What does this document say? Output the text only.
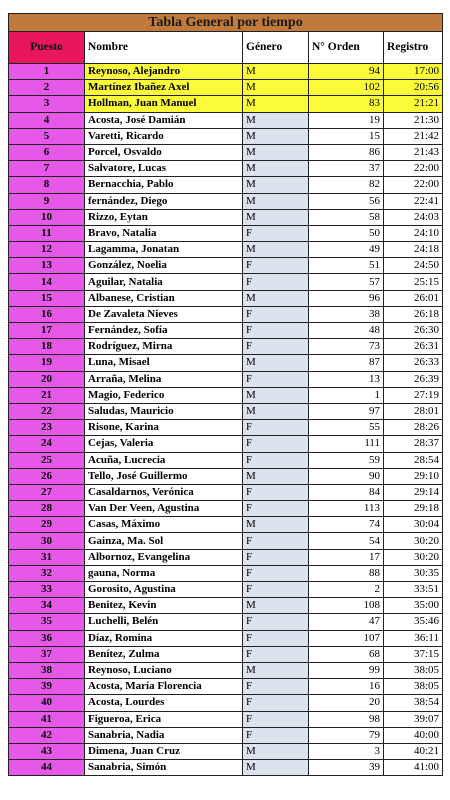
Tabla General por tiempo				
Puesto	Nombre	Género	N° Orden	Registro
1	Reynoso, Alejandro	M	94	17:00
2	Martínez Ibañez Axel	M	102	20:56
3	Hollman, Juan Manuel	M	83	21:21
4	Acosta, José Damián	M	19	21:30
5	Varetti, Ricardo	M	15	21:42
6	Porcel, Osvaldo	M	86	21:43
7	Salvatore, Lucas	M	37	22:00
8	Bernacchia, Pablo	M	82	22:00
9	fernández, Diego	M	56	22:41
10	Rizzo, Eytan	M	58	24:03
11	Bravo, Natalia	F	50	24:10
12	Lagamma, Jonatan	M	49	24:18
13	González, Noelia	F	51	24:50
14	Aguilar, Natalia	F	57	25:15
15	Albanese, Cristian	M	96	26:01
16	De Zavaleta Nieves	F	38	26:18
17	Fernández, Sofía	F	48	26:30
18	Rodríguez, Mirna	F	73	26:31
19	Luna, Misael	M	87	26:33
20	Arraña, Melina	F	13	26:39
21	Magio, Federico	M	1	27:19
22	Saludas, Mauricio	M	97	28:01
23	Risone, Karina	F	55	28:26
24	Cejas, Valeria	F	111	28:37
25	Acuña, Lucrecia	F	59	28:54
26	Tello, José Guillermo	M	90	29:10
27	Casaldarnos, Verónica	F	84	29:14
28	Van Der Veen, Agustina	F	113	29:18
29	Casas, Máximo	M	74	30:04
30	Gainza, Ma. Sol	F	54	30:20
31	Albornoz, Evangelina	F	17	30:20
32	gauna, Norma	F	88	30:35
33	Gorosito, Agustina	F	2	33:51
34	Benitez, Kevin	M	108	35:00
35	Luchelli, Belén	F	47	35:46
36	Díaz, Romina	F	107	36:11
37	Benítez, Zulma	F	68	37:15
38	Reynoso, Luciano	M	99	38:05
39	Acosta, María Florencia	F	16	38:05
40	Acosta, Lourdes	F	20	38:54
41	Figueroa, Erica	F	98	39:07
42	Sanabria, Nadia	F	79	40:00
43	Dimena, Juan Cruz	M	3	40:21
44	Sanabria, Simón	M	39	41:00
